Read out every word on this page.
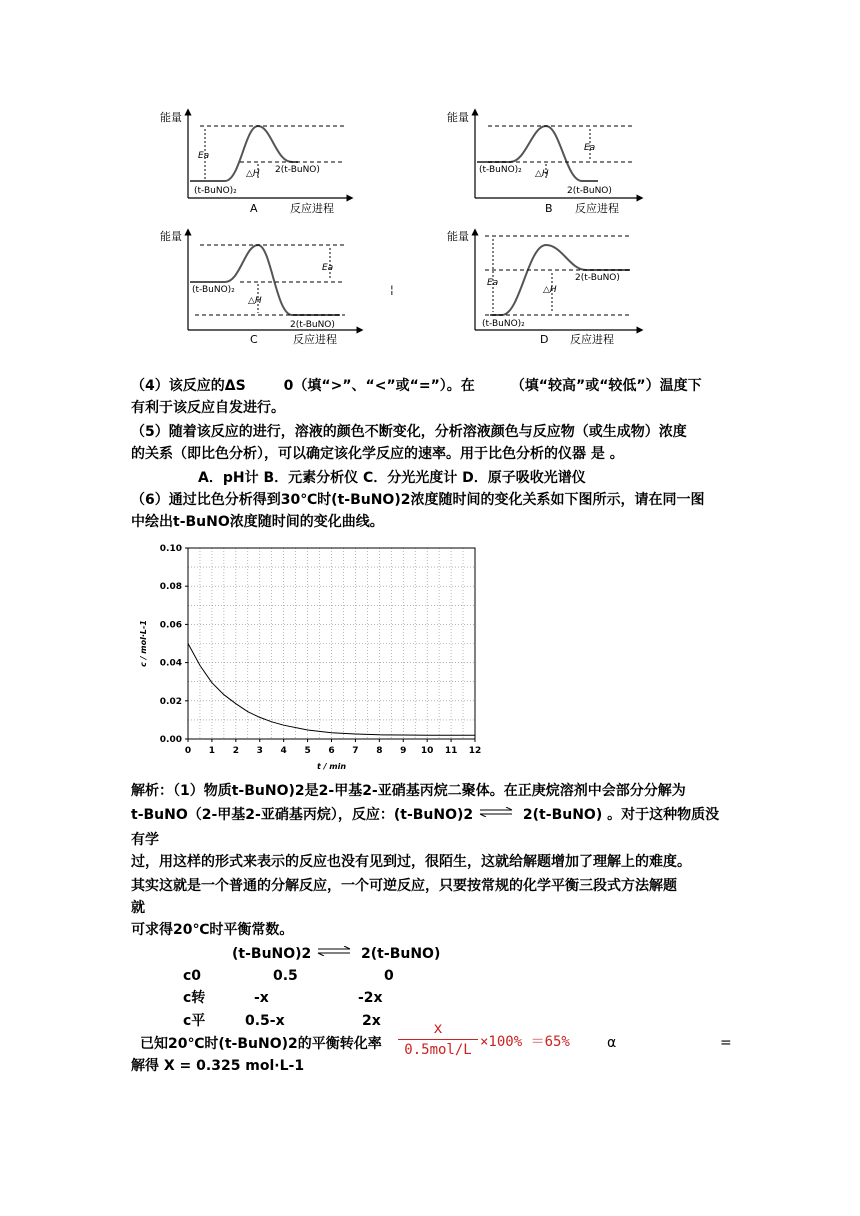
能量
反应进程
Ea
△H 2(t-BuNO)
(t-BuNO)₂
A
能量
反应进程
Ea
△H
(t-BuNO)₂
2(t-BuNO)
B
能量
反应进程
Ea
△H
(t-BuNO)₂
2(t-BuNO)
C
¦
能量
反应进程
Ea
△H
2(t-BuNO)
(t-BuNO)₂
D
（4）该反应的ΔS	0（填“>”、“<”或“=”）。在	（填“较高”或“较低”）温度下
有利于该反应自发进行。
（5）随着该反应的进行，溶液的颜色不断变化，分析溶液颜色与反应物（或生成物）浓度
的关系（即比色分析），可以确定该化学反应的速率。用于比色分析的仪器 是 。
A．pH计 B．元素分析仪 C．分光光度计 D．原子吸收光谱仪
（6）通过比色分析得到30℃时(t-BuNO)2浓度随时间的变化关系如下图所示，请在同一图
中绘出t-BuNO浓度随时间的变化曲线。
0 1 2 3 4 5 6 7 8 9 10 11 12
0.00
0.02
0.04
0.06
0.08
0.10
t / min
c / mol·L-1
解析：（1）物质t-BuNO)2是2-甲基2-亚硝基丙烷二聚体。在正庚烷溶剂中会部分分解为
t-BuNO（2-甲基2-亚硝基丙烷），反应：(t-BuNO)2 ⇌ 2(t-BuNO) 。对于这种物质没
有学
过，用这样的形式来表示的反应也没有见到过，很陌生，这就给解题增加了理解上的难度。
其实这就是一个普通的分解反应，一个可逆反应，只要按常规的化学平衡三段式方法解题
就
可求得20℃时平衡常数。
(t-BuNO)2 ⇌ 2(t-BuNO)
c0	0.5	0
c转	-x	-2x
c平	0.5-x	2x
已知20℃时(t-BuNO)2的平衡转化率
x
0.5mol/L ×100% ＝65%	α	=
解得 X = 0.325 mol·L-1
